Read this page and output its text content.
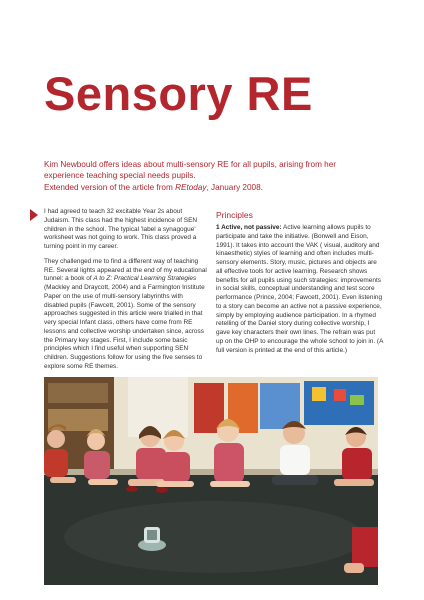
Sensory RE

Kim Newbould offers ideas about multi-sensory RE for all pupils, arising from her experience teaching special needs pupils.

Extended version of the article from REtoday, January 2008.

I had agreed to teach 32 excitable Year 2s about Judaism. This class had the highest incidence of SEN children in the school. The typical 'label a synagogue' worksheet was not going to work. This class proved a turning point in my career.

They challenged me to find a different way of teaching RE. Several lights appeared at the end of my educational tunnel: a book of A to Z: Practical Learning Strategies (Mackley and Draycott, 2004) and a Farmington Institute Paper on the use of multi-sensory labyrinths with disabled pupils (Fawcett, 2001). Some of the sensory approaches suggested in this article were trialled in that very special Infant class, others have come from RE lessons and collective worship undertaken since, across the Primary key stages. First, I include some basic principles which I find useful when supporting SEN children. Suggestions follow for using the five senses to explore some RE themes.

Principles

1 Active, not passive: Active learning allows pupils to participate and take the initiative. (Bonwell and Eison, 1991). It takes into account the VAK ( visual, auditory and kinaesthetic) styles of learning and often includes multi-sensory elements. Story, music, pictures and objects are all effective tools for active learning. Research shows benefits for all pupils using such strategies: improvements in social skills, conceptual understanding and test score performance (Prince, 2004; Fawcett, 2001). Even listening to a story can become an active not a passive experience, simply by employing audience participation. In a rhymed retelling of the Daniel story during collective worship, I gave key characters their own lines. The refrain was put up on the OHP to encourage the whole school to join in. (A full version is printed at the end of this article.)
